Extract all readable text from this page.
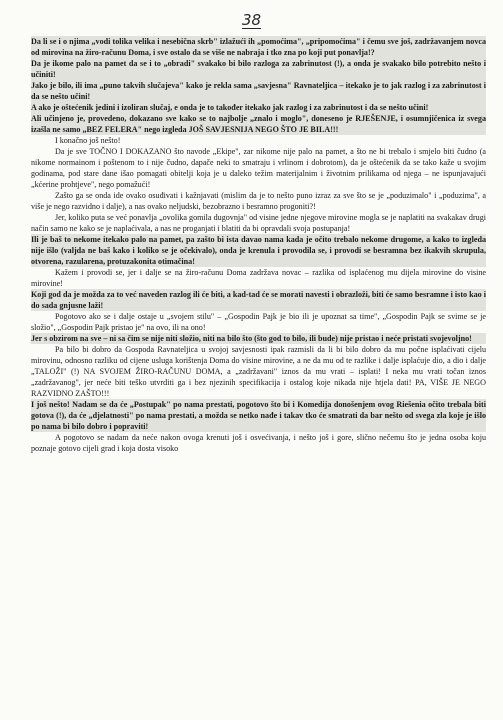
38

Da li se i o njima „vodi tolika velika i nesebična skrb" izlažući ih „pomoćima", „pripomoćima" i čemu sve još, zadržavanjem novca od mirovina na žiro-računu Doma, i sve ostalo da se više ne nabraja i tko zna po koji put ponavlja!?

Da je ikome palo na pamet da se i to „obradi" svakako bi bilo razloga za zabrinutost (!), a onda je svakako bilo potrebito nešto i učiniti!

Jako je bilo, ili ima „puno takvih slučajeva" kako je rekla sama „savjesna" Ravnateljica – itekako je to jak razlog i za zabrinutost i da se nešto učini!

A ako je oštećenik jedini i izoliran slučaj, e onda je to također itekako jak razlog i za zabrinutost i da se nešto učini!

Ali učinjeno je, provedeno, dokazano sve kako se to najbolje „znalo i moglo", doneseno je RJEŠENJE, i osumnjičenica iz svega izašla ne samo „BEZ FELERA" nego izgleda JOŠ SAVJESNIJA NEGO ŠTO JE BILA!!!

I konačno još nešto!

Da je sve TOČNO I DOKAZANO što navode „Ekipe", zar nikome nije palo na pamet, a što ne bi trebalo i smjelo biti čudno (a nikome normainom i poštenom to i nije čudno, dapače neki to smatraju i vrlinom i dobrotom), da je oštećenik da se tako kaže u svojim godinama, pod stare dane išao pomagati obitelji koja je u daleko težim materijalnim i životnim prilikama od njega – ne ispunjavajući „kćerine prohtjeve", nego pomažući!

Zašto ga se onda ide ovako osuđivati i kažnjavati (mislim da je to nešto puno izraz za sve što se je „poduzimalo" i „poduzima", a više je nego razvidno i dalje), a nas ovako neljudski, bezobrazno i besramno progoniti?!

Jer, koliko puta se već ponavlja „ovolika gomila dugovnja" od visine jedne njegove mirovine mogla se je naplatiti na svakakav drugi način samo ne kako se je naplaćivala, a nas ne proganjati i blatiti da bi opravdali svoja postupanja!

Ili je baš to nekome itekako palo na pamet, pa zašto bi ista davao nama kada je očito trebalo nekome drugome, a kako to izgleda nije išlo (valjda ne baš kako i koliko se je očekivalo), onda je krenula i provodila se, i provodi se besramna bez ikakvih skrupula, otvorena, razularena, protuzakonita otimačina!

Kažem i provodi se, jer i dalje se na žiro-računu Doma zadržava novac – razlika od isplaćenog mu dijela mirovine do visine mirovine!

Koji god da je možda za to već naveden razlog ili će biti, a kad-tad će se morati navesti i obrazloži, biti će samo besramne i isto kao i do sada gnjusne laži!

Pogotovo ako se i dalje ostaje u „svojem stilu" – „Gospodin Pajk je bio ili je upoznat sa time", „Gospodin Pajk se svime se je složio", „Gospodin Pajk pristao je" na ovo, ili na ono!

Jer s obzirom na sve – ni sa čim se nije niti složio, niti na bilo što (što god to bilo, ili bude) nije pristao i neće pristati svojevoljno!

Pa bilo bi dobro da Gospoda Ravnateljica u svojoj savjesnosti ipak razmisli da li bi bilo dobro da mu počne isplaćivati cijelu mirovinu, odnosno razliku od cijene usluga korištenja Doma do visine mirovine, a ne da mu od te razlike i dalje isplaćuje dio, a dio i dalje „TALOŽI" (!) NA SVOJEM ŽIRO-RAČUNU DOMA, a „zadržavani" iznos da mu vrati – isplati! I neka mu vrati točan iznos „zadržavanog", jer neće biti teško utvrditi ga i bez njezinih specifikacija i ostalog koje nikada nije htjela dati! PA, VIŠE JE NEGO RAZVIDNO ZAŠTO!!!

I još nešto! Nadam se da će „Postupak" po nama prestati, pogotovo što bi i Komedija donošenjem ovog Riešenia očito trebala biti gotova (!), da će „djelatnosti" po nama prestati, a možda se netko nađe i takav tko će smatrati da bar nešto od svega zla koje je išlo po nama bi bilo dobro i popraviti!

A pogotovo se nadam da neće nakon ovoga krenuti još i osvećivanja, i nešto još i gore, slično nečemu što je jedna osoba koju poznaje gotovo cijeli grad i koja dosta visoko
